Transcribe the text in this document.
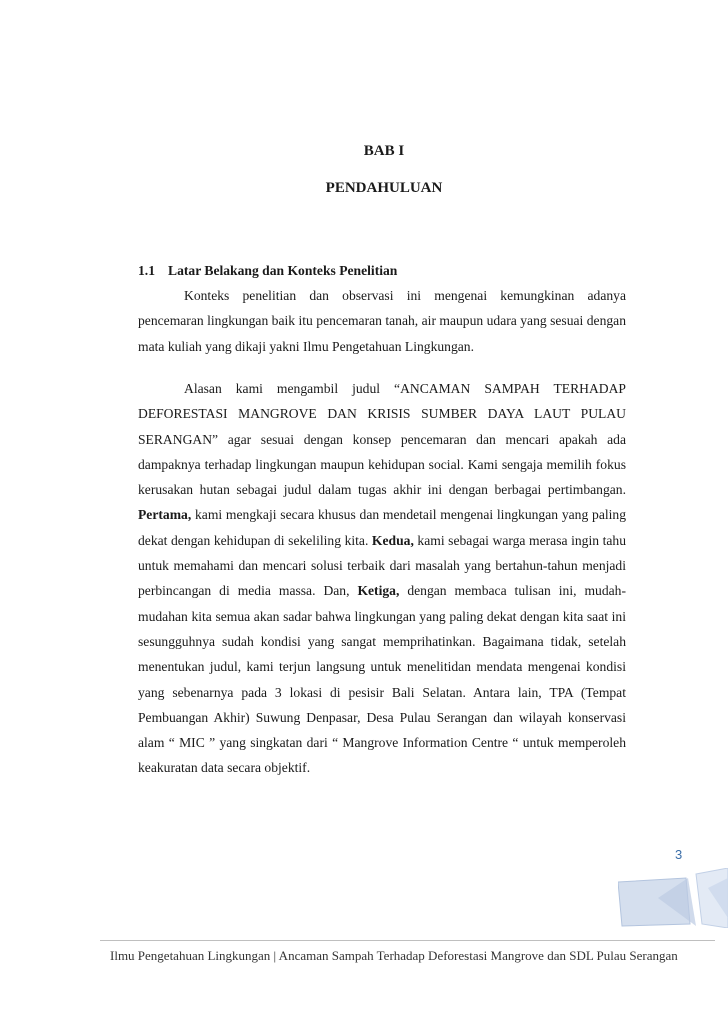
BAB I
PENDAHULUAN
1.1 Latar Belakang dan Konteks Penelitian

Konteks penelitian dan observasi ini mengenai kemungkinan adanya pencemaran lingkungan baik itu pencemaran tanah, air maupun udara yang sesuai dengan mata kuliah yang dikaji yakni Ilmu Pengetahuan Lingkungan.

Alasan kami mengambil judul “ANCAMAN SAMPAH TERHADAP DEFORESTASI MANGROVE DAN KRISIS SUMBER DAYA LAUT PULAU SERANGAN” agar sesuai dengan konsep pencemaran dan mencari apakah ada dampaknya terhadap lingkungan maupun kehidupan social. Kami sengaja memilih fokus kerusakan hutan sebagai judul dalam tugas akhir ini dengan berbagai pertimbangan. Pertama, kami mengkaji secara khusus dan mendetail mengenai lingkungan yang paling dekat dengan kehidupan di sekeliling kita. Kedua, kami sebagai warga merasa ingin tahu untuk memahami dan mencari solusi terbaik dari masalah yang bertahun-tahun menjadi perbincangan di media massa. Dan, Ketiga, dengan membaca tulisan ini, mudah-mudahan kita semua akan sadar bahwa lingkungan yang paling dekat dengan kita saat ini sesungguhnya sudah kondisi yang sangat memprihatinkan. Bagaimana tidak, setelah menentukan judul, kami terjun langsung untuk menelitidan mendata mengenai kondisi yang sebenarnya pada 3 lokasi di pesisir Bali Selatan. Antara lain, TPA (Tempat Pembuangan Akhir) Suwung Denpasar, Desa Pulau Serangan dan wilayah konservasi alam “ MIC ” yang singkatan dari “ Mangrove Information Centre “ untuk memperoleh keakuratan data secara objektif.

3
Ilmu Pengetahuan Lingkungan | Ancaman Sampah Terhadap Deforestasi Mangrove dan SDL Pulau Serangan
